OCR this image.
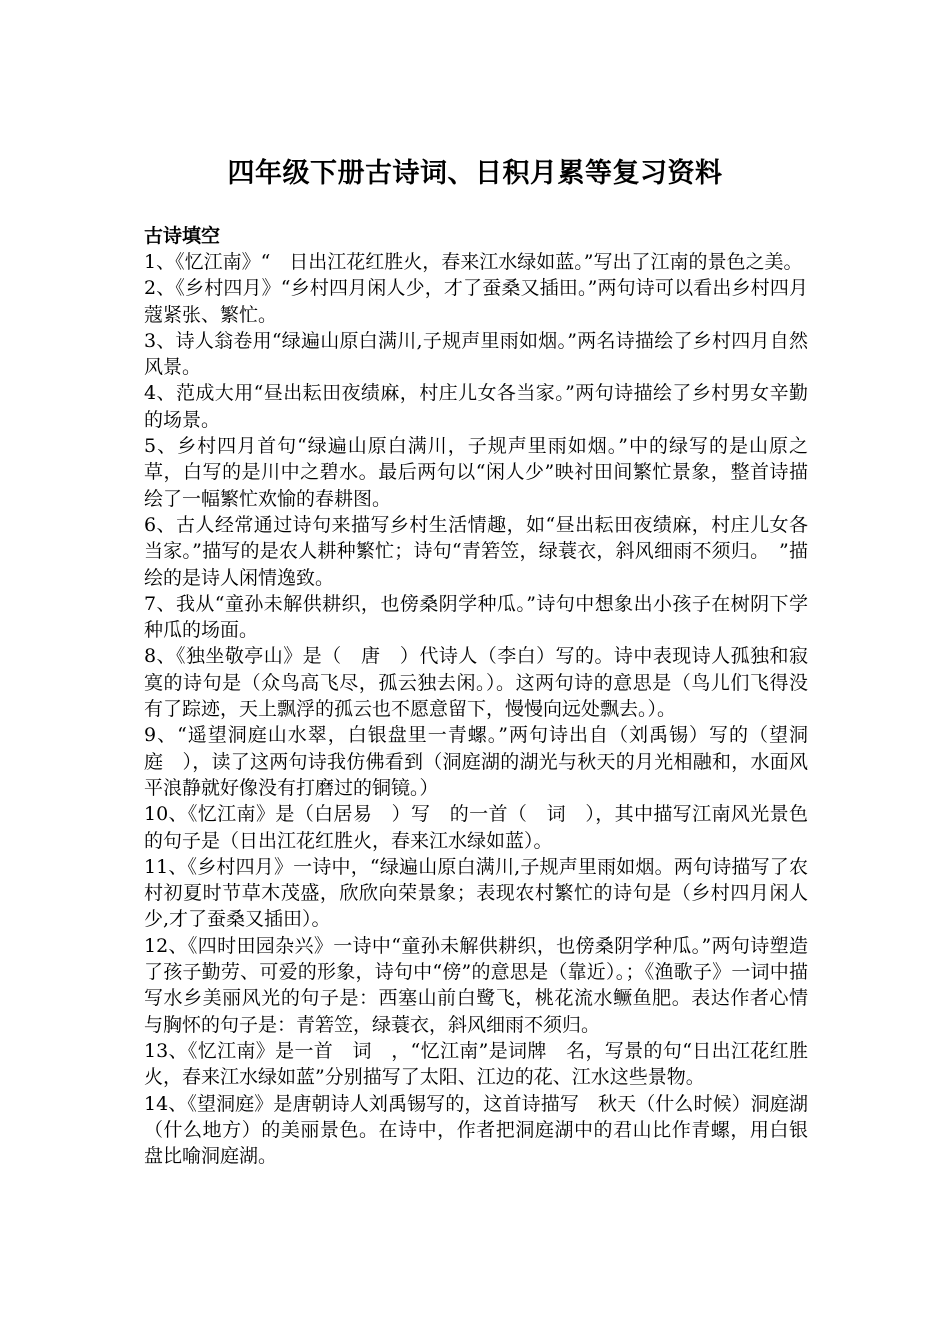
四年级下册古诗词、日积月累等复习资料

古诗填空

1、《忆江南》“　日出江花红胜火，春来江水绿如蓝。”写出了江南的景色之美。

2、《乡村四月》“乡村四月闲人少，才了蚕桑又插田。”两句诗可以看出乡村四月蔻紧张、繁忙。

3、诗人翁卷用“绿遍山原白满川,子规声里雨如烟。”两名诗描绘了乡村四月自然风景。

4、范成大用“昼出耘田夜绩麻，村庄儿女各当家。”两句诗描绘了乡村男女辛勤的场景。

5、乡村四月首句“绿遍山原白满川，子规声里雨如烟。”中的绿写的是山原之草，白写的是川中之碧水。最后两句以“闲人少”映衬田间繁忙景象，整首诗描绘了一幅繁忙欢愉的春耕图。

6、古人经常通过诗句来描写乡村生活情趣，如“昼出耘田夜绩麻，村庄儿女各当家。”描写的是农人耕种繁忙；诗句“青箬笠，绿蓑衣，斜风细雨不须归。　”描绘的是诗人闲情逸致。

7、我从“童孙未解供耕织，也傍桑阴学种瓜。”诗句中想象出小孩子在树阴下学种瓜的场面。

8、《独坐敬亭山》是（　唐　）代诗人（李白）写的。诗中表现诗人孤独和寂寞的诗句是（众鸟高飞尽，孤云独去闲。）。这两句诗的意思是（鸟儿们飞得没有了踪迹，天上飘浮的孤云也不愿意留下，慢慢向远处飘去。）。

9、“遥望洞庭山水翠，白银盘里一青螺。”两句诗出自（刘禹锡）写的（望洞庭　），读了这两句诗我仿佛看到（洞庭湖的湖光与秋天的月光相融和，水面风平浪静就好像没有打磨过的铜镜。）

10、《忆江南》是（白居易　）写　的一首（　词　），其中描写江南风光景色的句子是（日出江花红胜火，春来江水绿如蓝）。

11、《乡村四月》一诗中，“绿遍山原白满川,子规声里雨如烟。两句诗描写了农村初夏时节草木茂盛，欣欣向荣景象；表现农村繁忙的诗句是（乡村四月闲人少,才了蚕桑又插田）。

12、《四时田园杂兴》一诗中“童孙未解供耕织，也傍桑阴学种瓜。”两句诗塑造了孩子勤劳、可爱的形象，诗句中“傍”的意思是（靠近）。；《渔歌子》一词中描写水乡美丽风光的句子是：西塞山前白鹭飞，桃花流水鳜鱼肥。表达作者心情与胸怀的句子是：青箬笠，绿蓑衣，斜风细雨不须归。

13、《忆江南》是一首　词　，“忆江南”是词牌　名，写景的句“日出江花红胜火，春来江水绿如蓝”分别描写了太阳、江边的花、江水这些景物。

14、《望洞庭》是唐朝诗人刘禹锡写的，这首诗描写　秋天（什么时候）洞庭湖（什么地方）的美丽景色。在诗中，作者把洞庭湖中的君山比作青螺，用白银盘比喻洞庭湖。
